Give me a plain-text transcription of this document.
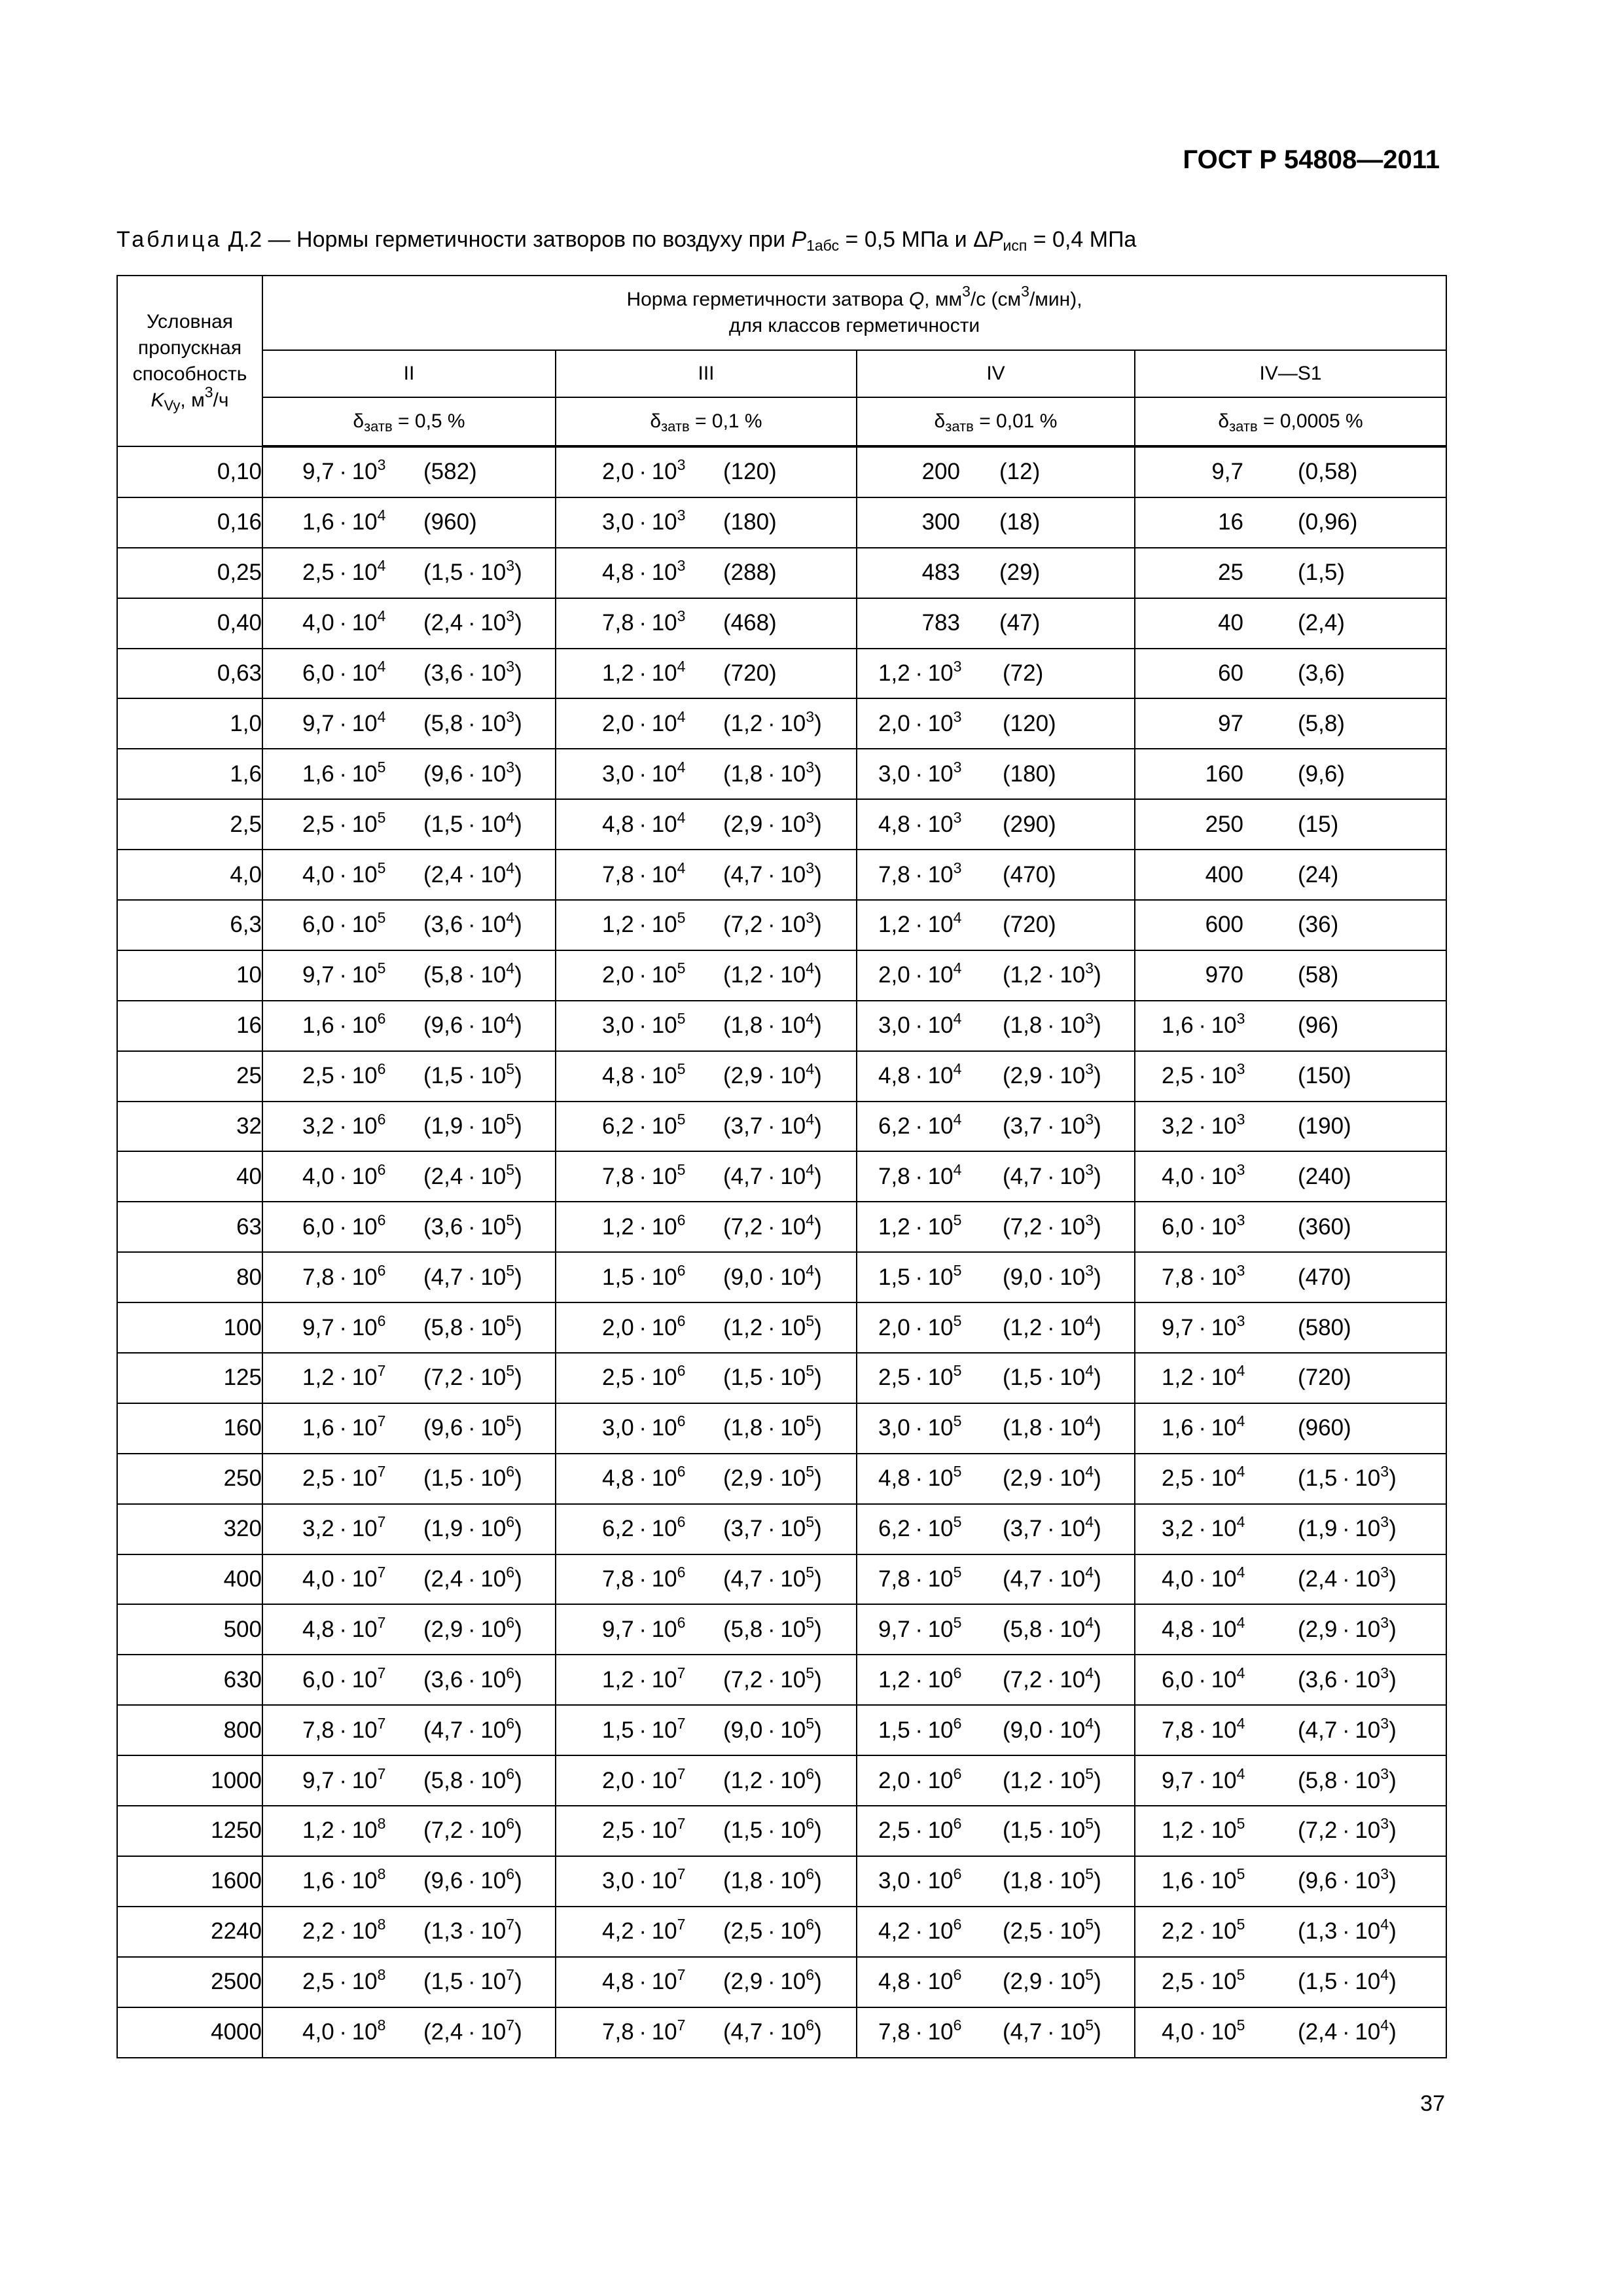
ГОСТ Р 54808—2011
Таблица Д.2 — Нормы герметичности затворов по воздуху при $P_{1абс} = 0,5$ МПа и $\Delta P_{исп} = 0,4$ МПа
Условная
пропускная
способность
$K_{Vy}$, $м^3/ч$	Норма герметичности затвора Q, $мм^3/с$ $(см^3/мин)$,
для классов герметичности			
	II	III	IV	IV—S1
	$\delta_{затв} = 0,5$ %	$\delta_{затв} = 0,1$ %	$\delta_{затв} = 0,01$ %	$\delta_{затв} = 0,0005$ %
0,10	$9,7 \cdot 10^3$ (582)	$2,0 \cdot 10^3$ (120)	200 (12)	9,7 (0,58)

0,16	$1,6 \cdot 10^4$ (960)	$3,0 \cdot 10^3$ (180)	300 (18)	16 (0,96)

0,25	$2,5 \cdot 10^4$ $(1,5 \cdot 10^3)$	$4,8 \cdot 10^3$ (288)	483 (29)	25 (1,5)

0,40	$4,0 \cdot 10^4$ $(2,4 \cdot 10^3)$	$7,8 \cdot 10^3$ (468)	783 (47)	40 (2,4)

0,63	$6,0 \cdot 10^4$ $(3,6 \cdot 10^3)$	$1,2 \cdot 10^4$ (720)	$1,2 \cdot 10^3$ (72)	60 (3,6)

1,0	$9,7 \cdot 10^4$ $(5,8 \cdot 10^3)$	$2,0 \cdot 10^4$ $(1,2 \cdot 10^3)$	$2,0 \cdot 10^3$ (120)	97 (5,8)

1,6	$1,6 \cdot 10^5$ $(9,6 \cdot 10^3)$	$3,0 \cdot 10^4$ $(1,8 \cdot 10^3)$	$3,0 \cdot 10^3$ (180)	160 (9,6)

2,5	$2,5 \cdot 10^5$ $(1,5 \cdot 10^4)$	$4,8 \cdot 10^4$ $(2,9 \cdot 10^3)$	$4,8 \cdot 10^3$ (290)	250 (15)

4,0	$4,0 \cdot 10^5$ $(2,4 \cdot 10^4)$	$7,8 \cdot 10^4$ $(4,7 \cdot 10^3)$	$7,8 \cdot 10^3$ (470)	400 (24)

6,3	$6,0 \cdot 10^5$ $(3,6 \cdot 10^4)$	$1,2 \cdot 10^5$ $(7,2 \cdot 10^3)$	$1,2 \cdot 10^4$ (720)	600 (36)

10	$9,7 \cdot 10^5$ $(5,8 \cdot 10^4)$	$2,0 \cdot 10^5$ $(1,2 \cdot 10^4)$	$2,0 \cdot 10^4$ $(1,2 \cdot 10^3)$	970 (58)

16	$1,6 \cdot 10^6$ $(9,6 \cdot 10^4)$	$3,0 \cdot 10^5$ $(1,8 \cdot 10^4)$	$3,0 \cdot 10^4$ $(1,8 \cdot 10^3)$	$1,6 \cdot 10^3$ (96)

25	$2,5 \cdot 10^6$ $(1,5 \cdot 10^5)$	$4,8 \cdot 10^5$ $(2,9 \cdot 10^4)$	$4,8 \cdot 10^4$ $(2,9 \cdot 10^3)$	$2,5 \cdot 10^3$ (150)

32	$3,2 \cdot 10^6$ $(1,9 \cdot 10^5)$	$6,2 \cdot 10^5$ $(3,7 \cdot 10^4)$	$6,2 \cdot 10^4$ $(3,7 \cdot 10^3)$	$3,2 \cdot 10^3$ (190)

40	$4,0 \cdot 10^6$ $(2,4 \cdot 10^5)$	$7,8 \cdot 10^5$ $(4,7 \cdot 10^4)$	$7,8 \cdot 10^4$ $(4,7 \cdot 10^3)$	$4,0 \cdot 10^3$ (240)

63	$6,0 \cdot 10^6$ $(3,6 \cdot 10^5)$	$1,2 \cdot 10^6$ $(7,2 \cdot 10^4)$	$1,2 \cdot 10^5$ $(7,2 \cdot 10^3)$	$6,0 \cdot 10^3$ (360)

80	$7,8 \cdot 10^6$ $(4,7 \cdot 10^5)$	$1,5 \cdot 10^6$ $(9,0 \cdot 10^4)$	$1,5 \cdot 10^5$ $(9,0 \cdot 10^3)$	$7,8 \cdot 10^3$ (470)

100	$9,7 \cdot 10^6$ $(5,8 \cdot 10^5)$	$2,0 \cdot 10^6$ $(1,2 \cdot 10^5)$	$2,0 \cdot 10^5$ $(1,2 \cdot 10^4)$	$9,7 \cdot 10^3$ (580)

125	$1,2 \cdot 10^7$ $(7,2 \cdot 10^5)$	$2,5 \cdot 10^6$ $(1,5 \cdot 10^5)$	$2,5 \cdot 10^5$ $(1,5 \cdot 10^4)$	$1,2 \cdot 10^4$ (720)

160	$1,6 \cdot 10^7$ $(9,6 \cdot 10^5)$	$3,0 \cdot 10^6$ $(1,8 \cdot 10^5)$	$3,0 \cdot 10^5$ $(1,8 \cdot 10^4)$	$1,6 \cdot 10^4$ (960)

250	$2,5 \cdot 10^7$ $(1,5 \cdot 10^6)$	$4,8 \cdot 10^6$ $(2,9 \cdot 10^5)$	$4,8 \cdot 10^5$ $(2,9 \cdot 10^4)$	$2,5 \cdot 10^4$ $(1,5 \cdot 10^3)$

320	$3,2 \cdot 10^7$ $(1,9 \cdot 10^6)$	$6,2 \cdot 10^6$ $(3,7 \cdot 10^5)$	$6,2 \cdot 10^5$ $(3,7 \cdot 10^4)$	$3,2 \cdot 10^4$ $(1,9 \cdot 10^3)$

400	$4,0 \cdot 10^7$ $(2,4 \cdot 10^6)$	$7,8 \cdot 10^6$ $(4,7 \cdot 10^5)$	$7,8 \cdot 10^5$ $(4,7 \cdot 10^4)$	$4,0 \cdot 10^4$ $(2,4 \cdot 10^3)$

500	$4,8 \cdot 10^7$ $(2,9 \cdot 10^6)$	$9,7 \cdot 10^6$ $(5,8 \cdot 10^5)$	$9,7 \cdot 10^5$ $(5,8 \cdot 10^4)$	$4,8 \cdot 10^4$ $(2,9 \cdot 10^3)$

630	$6,0 \cdot 10^7$ $(3,6 \cdot 10^6)$	$1,2 \cdot 10^7$ $(7,2 \cdot 10^5)$	$1,2 \cdot 10^6$ $(7,2 \cdot 10^4)$	$6,0 \cdot 10^4$ $(3,6 \cdot 10^3)$

800	$7,8 \cdot 10^7$ $(4,7 \cdot 10^6)$	$1,5 \cdot 10^7$ $(9,0 \cdot 10^5)$	$1,5 \cdot 10^6$ $(9,0 \cdot 10^4)$	$7,8 \cdot 10^4$ $(4,7 \cdot 10^3)$

1000	$9,7 \cdot 10^7$ $(5,8 \cdot 10^6)$	$2,0 \cdot 10^7$ $(1,2 \cdot 10^6)$	$2,0 \cdot 10^6$ $(1,2 \cdot 10^5)$	$9,7 \cdot 10^4$ $(5,8 \cdot 10^3)$

1250	$1,2 \cdot 10^8$ $(7,2 \cdot 10^6)$	$2,5 \cdot 10^7$ $(1,5 \cdot 10^6)$	$2,5 \cdot 10^6$ $(1,5 \cdot 10^5)$	$1,2 \cdot 10^5$ $(7,2 \cdot 10^3)$

1600	$1,6 \cdot 10^8$ $(9,6 \cdot 10^6)$	$3,0 \cdot 10^7$ $(1,8 \cdot 10^6)$	$3,0 \cdot 10^6$ $(1,8 \cdot 10^5)$	$1,6 \cdot 10^5$ $(9,6 \cdot 10^3)$

2240	$2,2 \cdot 10^8$ $(1,3 \cdot 10^7)$	$4,2 \cdot 10^7$ $(2,5 \cdot 10^6)$	$4,2 \cdot 10^6$ $(2,5 \cdot 10^5)$	$2,2 \cdot 10^5$ $(1,3 \cdot 10^4)$

2500	$2,5 \cdot 10^8$ $(1,5 \cdot 10^7)$	$4,8 \cdot 10^7$ $(2,9 \cdot 10^6)$	$4,8 \cdot 10^6$ $(2,9 \cdot 10^5)$	$2,5 \cdot 10^5$ $(1,5 \cdot 10^4)$

4000	$4,0 \cdot 10^8$ $(2,4 \cdot 10^7)$	$7,8 \cdot 10^7$ $(4,7 \cdot 10^6)$	$7,8 \cdot 10^6$ $(4,7 \cdot 10^5)$	$4,0 \cdot 10^5$ $(2,4 \cdot 10^4)$
37
